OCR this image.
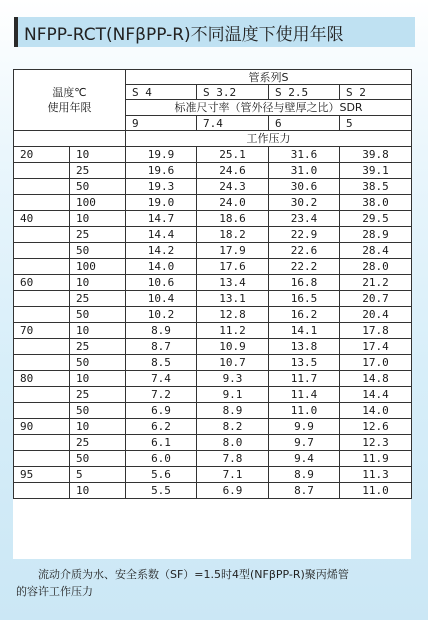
NFPP-RCT(NFβPP-R)不同温度下使用年限
温度℃
使用年限		管系列S			
		S 4	S 3.2	S 2.5	S 2
		标准尺寸率（管外径与壁厚之比）SDR			
		9	7.4	6	5
		工作压力			
20	10	19.9	25.1	31.6	39.8
	25	19.6	24.6	31.0	39.1
	50	19.3	24.3	30.6	38.5
	100	19.0	24.0	30.2	38.0
40	10	14.7	18.6	23.4	29.5
	25	14.4	18.2	22.9	28.9
	50	14.2	17.9	22.6	28.4
	100	14.0	17.6	22.2	28.0
60	10	10.6	13.4	16.8	21.2
	25	10.4	13.1	16.5	20.7
	50	10.2	12.8	16.2	20.4
70	10	8.9	11.2	14.1	17.8
	25	8.7	10.9	13.8	17.4
	50	8.5	10.7	13.5	17.0
80	10	7.4	9.3	11.7	14.8
	25	7.2	9.1	11.4	14.4
	50	6.9	8.9	11.0	14.0
90	10	6.2	8.2	9.9	12.6
	25	6.1	8.0	9.7	12.3
	50	6.0	7.8	9.4	11.9
95	5	5.6	7.1	8.9	11.3
	10	5.5	6.9	8.7	11.0
流动介质为水、安全系数（SF）=1.5时4型(NFβPP-R)聚丙烯管
的容许工作压力
